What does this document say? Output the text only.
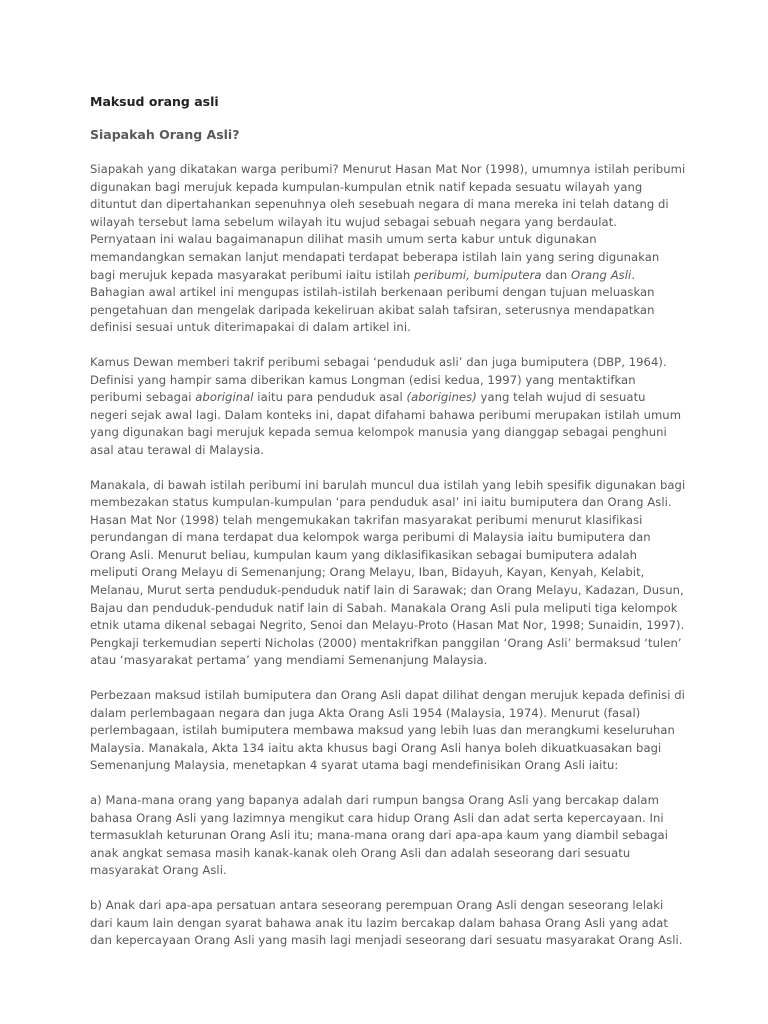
Maksud orang asli
Siapakah Orang Asli?

Siapakah yang dikatakan warga peribumi? Menurut Hasan Mat Nor (1998), umumnya istilah peribumi digunakan bagi merujuk kepada kumpulan-kumpulan etnik natif kepada sesuatu wilayah yang dituntut dan dipertahankan sepenuhnya oleh sesebuah negara di mana mereka ini telah datang di wilayah tersebut lama sebelum wilayah itu wujud sebagai sebuah negara yang berdaulat. Pernyataan ini walau bagaimanapun dilihat masih umum serta kabur untuk digunakan memandangkan semakan lanjut mendapati terdapat beberapa istilah lain yang sering digunakan bagi merujuk kepada masyarakat peribumi iaitu istilah peribumi, bumiputera dan Orang Asli. Bahagian awal artikel ini mengupas istilah-istilah berkenaan peribumi dengan tujuan meluaskan pengetahuan dan mengelak daripada kekeliruan akibat salah tafsiran, seterusnya mendapatkan definisi sesuai untuk diterimapakai di dalam artikel ini.

Kamus Dewan memberi takrif peribumi sebagai ‘penduduk asli’ dan juga bumiputera (DBP, 1964). Definisi yang hampir sama diberikan kamus Longman (edisi kedua, 1997) yang mentaktifkan peribumi sebagai aboriginal iaitu para penduduk asal (aborigines) yang telah wujud di sesuatu negeri sejak awal lagi. Dalam konteks ini, dapat difahami bahawa peribumi merupakan istilah umum yang digunakan bagi merujuk kepada semua kelompok manusia yang dianggap sebagai penghuni asal atau terawal di Malaysia.

Manakala, di bawah istilah peribumi ini barulah muncul dua istilah yang lebih spesifik digunakan bagi membezakan status kumpulan-kumpulan ‘para penduduk asal’ ini iaitu bumiputera dan Orang Asli. Hasan Mat Nor (1998) telah mengemukakan takrifan masyarakat peribumi menurut klasifikasi perundangan di mana terdapat dua kelompok warga peribumi di Malaysia iaitu bumiputera dan Orang Asli. Menurut beliau, kumpulan kaum yang diklasifikasikan sebagai bumiputera adalah meliputi Orang Melayu di Semenanjung; Orang Melayu, Iban, Bidayuh, Kayan, Kenyah, Kelabit, Melanau, Murut serta penduduk-penduduk natif lain di Sarawak; dan Orang Melayu, Kadazan, Dusun, Bajau dan penduduk-penduduk natif lain di Sabah. Manakala Orang Asli pula meliputi tiga kelompok etnik utama dikenal sebagai Negrito, Senoi dan Melayu-Proto (Hasan Mat Nor, 1998; Sunaidin, 1997). Pengkaji terkemudian seperti Nicholas (2000) mentakrifkan panggilan ‘Orang Asli’ bermaksud ‘tulen’ atau ‘masyarakat pertama’ yang mendiami Semenanjung Malaysia.

Perbezaan maksud istilah bumiputera dan Orang Asli dapat dilihat dengan merujuk kepada definisi di dalam perlembagaan negara dan juga Akta Orang Asli 1954 (Malaysia, 1974). Menurut (fasal) perlembagaan, istilah bumiputera membawa maksud yang lebih luas dan merangkumi keseluruhan Malaysia. Manakala, Akta 134 iaitu akta khusus bagi Orang Asli hanya boleh dikuatkuasakan bagi Semenanjung Malaysia, menetapkan 4 syarat utama bagi mendefinisikan Orang Asli iaitu:

a) Mana-mana orang yang bapanya adalah dari rumpun bangsa Orang Asli yang bercakap dalam bahasa Orang Asli yang lazimnya mengikut cara hidup Orang Asli dan adat serta kepercayaan. Ini termasuklah keturunan Orang Asli itu; mana-mana orang dari apa-apa kaum yang diambil sebagai anak angkat semasa masih kanak-kanak oleh Orang Asli dan adalah seseorang dari sesuatu masyarakat Orang Asli.

b) Anak dari apa-apa persatuan antara seseorang perempuan Orang Asli dengan seseorang lelaki dari kaum lain dengan syarat bahawa anak itu lazim bercakap dalam bahasa Orang Asli yang adat dan kepercayaan Orang Asli yang masih lagi menjadi seseorang dari sesuatu masyarakat Orang Asli.
